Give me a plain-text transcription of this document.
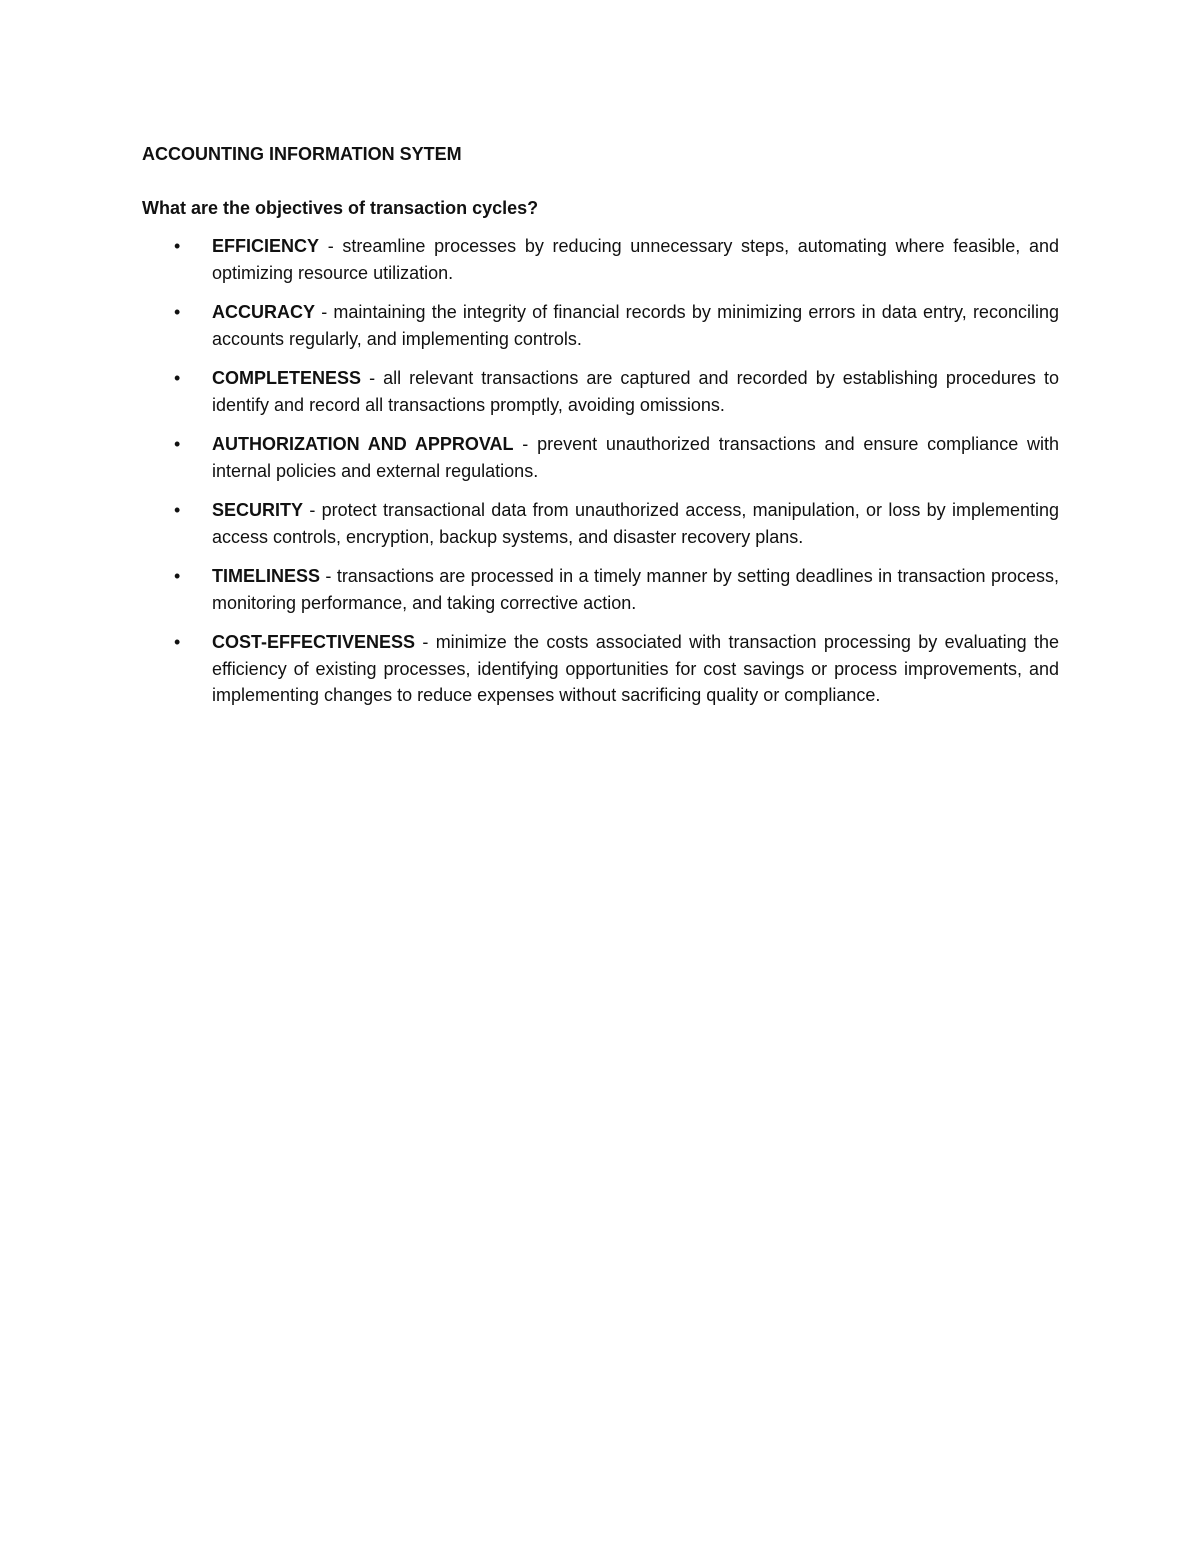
ACCOUNTING INFORMATION SYTEM
What are the objectives of transaction cycles?
• EFFICIENCY - streamline processes by reducing unnecessary steps, automating where feasible, and optimizing resource utilization.
• ACCURACY - maintaining the integrity of financial records by minimizing errors in data entry, reconciling accounts regularly, and implementing controls.
• COMPLETENESS - all relevant transactions are captured and recorded by establishing procedures to identify and record all transactions promptly, avoiding omissions.
• AUTHORIZATION AND APPROVAL - prevent unauthorized transactions and ensure compliance with internal policies and external regulations.
• SECURITY - protect transactional data from unauthorized access, manipulation, or loss by implementing access controls, encryption, backup systems, and disaster recovery plans.
• TIMELINESS - transactions are processed in a timely manner by setting deadlines in transaction process, monitoring performance, and taking corrective action.
• COST-EFFECTIVENESS - minimize the costs associated with transaction processing by evaluating the efficiency of existing processes, identifying opportunities for cost savings or process improvements, and implementing changes to reduce expenses without sacrificing quality or compliance.
